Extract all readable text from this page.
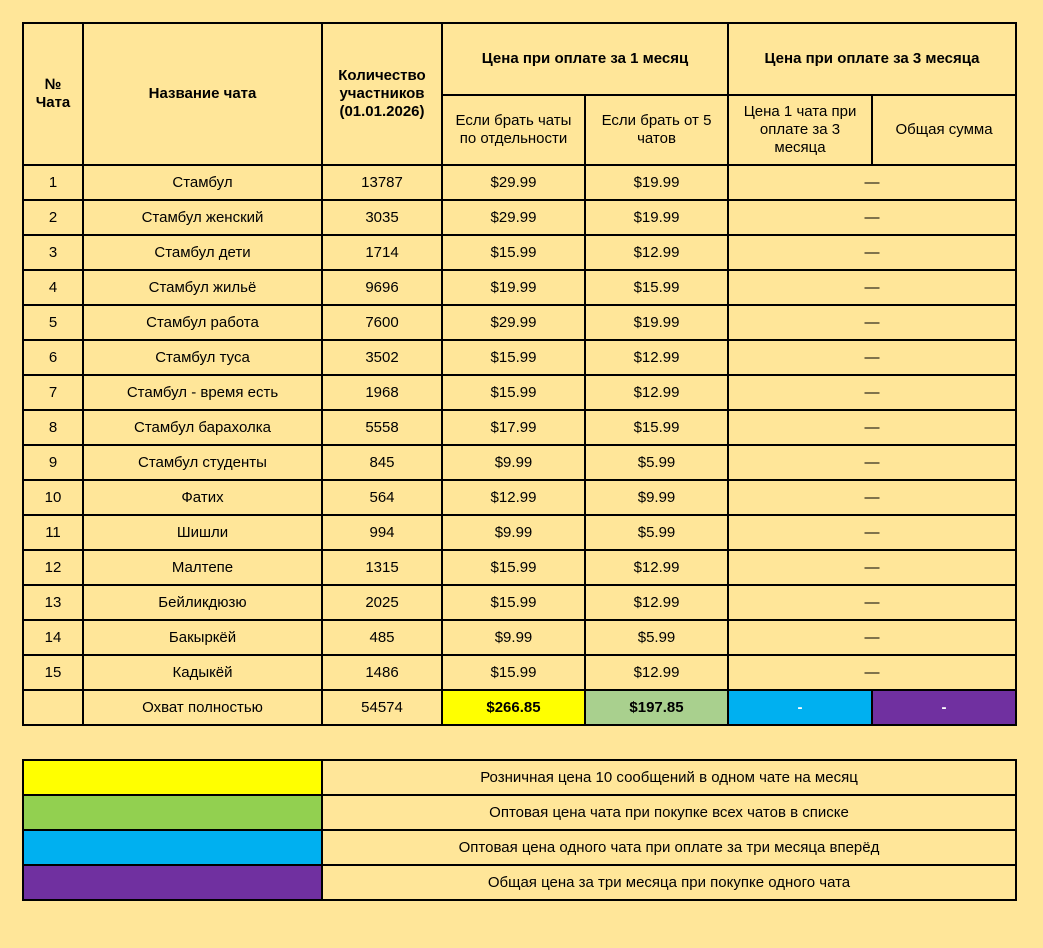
№ Чата	Название чата	Количество участников (01.01.2026)	Цена при оплате за 1 месяц		Цена при оплате за 3 месяца	
			Если брать чаты по отдельности	Если брать от 5 чатов	Цена 1 чата при оплате за 3 месяца	Общая сумма
1	Стамбул	13787	$29.99	$19.99	—	
2	Стамбул женский	3035	$29.99	$19.99	—	
3	Стамбул дети	1714	$15.99	$12.99	—	
4	Стамбул жильё	9696	$19.99	$15.99	—	
5	Стамбул работа	7600	$29.99	$19.99	—	
6	Стамбул туса	3502	$15.99	$12.99	—	
7	Стамбул - время есть	1968	$15.99	$12.99	—	
8	Стамбул барахолка	5558	$17.99	$15.99	—	
9	Стамбул студенты	845	$9.99	$5.99	—	
10	Фатих	564	$12.99	$9.99	—	
11	Шишли	994	$9.99	$5.99	—	
12	Малтепе	1315	$15.99	$12.99	—	
13	Бейликдюзю	2025	$15.99	$12.99	—	
14	Бакыркёй	485	$9.99	$5.99	—	
15	Кадыкёй	1486	$15.99	$12.99	—	
	Охват полностью	54574	$266.85	$197.85	-	-
	Розничная цена 10 сообщений в одном чате на месяц
	Оптовая цена чата при покупке всех чатов в списке
	Оптовая цена одного чата при оплате за три месяца вперёд
	Общая цена за три месяца при покупке одного чата
